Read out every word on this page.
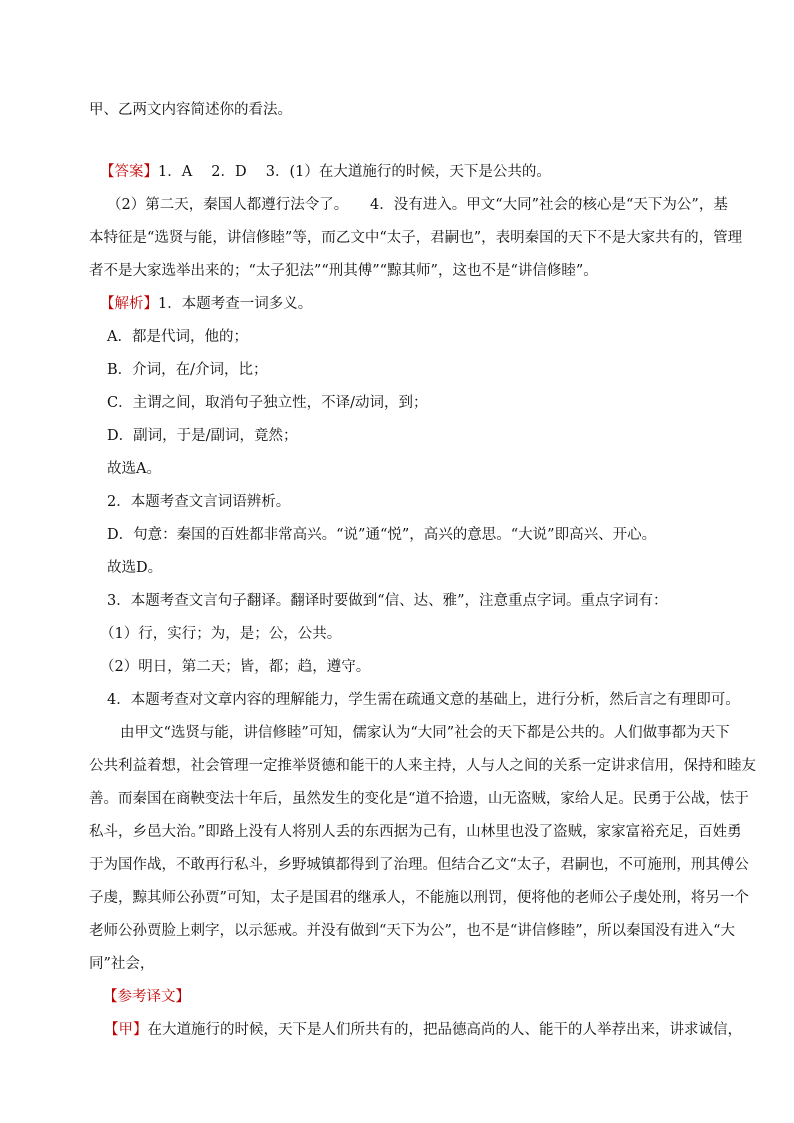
甲、乙两文内容简述你的看法。
【答案】1．A　 2．D　 3．(1）在大道施行的时候，天下是公共的。
（2）第二天，秦国人都遵行法令了。　　4．没有进入。甲文“大同”社会的核心是“天下为公”，基
本特征是“选贤与能，讲信修睦”等，而乙文中“太子，君嗣也”，表明秦国的天下不是大家共有的，管理
者不是大家选举出来的；“太子犯法”“刑其傅”“黥其师”，这也不是“讲信修睦”。
【解析】1．本题考查一词多义。
A．都是代词，他的；
B．介词，在/介词，比；
C．主谓之间，取消句子独立性，不译/动词，到；
D．副词，于是/副词，竟然；
故选A。
2．本题考查文言词语辨析。
D．句意：秦国的百姓都非常高兴。“说”通“悦”，高兴的意思。“大说”即高兴、开心。
故选D。
3．本题考查文言句子翻译。翻译时要做到“信、达、雅”，注意重点字词。重点字词有：
（1）行，实行；为，是；公，公共。
（2）明日，第二天；皆，都；趋，遵守。
4．本题考查对文章内容的理解能力，学生需在疏通文意的基础上，进行分析，然后言之有理即可。
由甲文“选贤与能，讲信修睦”可知，儒家认为“大同”社会的天下都是公共的。人们做事都为天下
公共利益着想，社会管理一定推举贤德和能干的人来主持，人与人之间的关系一定讲求信用，保持和睦友
善。而秦国在商鞅变法十年后，虽然发生的变化是“道不拾遗，山无盗贼，家给人足。民勇于公战，怯于
私斗，乡邑大治。”即路上没有人将别人丢的东西据为己有，山林里也没了盗贼，家家富裕充足，百姓勇
于为国作战，不敢再行私斗，乡野城镇都得到了治理。但结合乙文“太子，君嗣也，不可施刑，刑其傅公
子虔，黥其师公孙贾”可知，太子是国君的继承人，不能施以刑罚，便将他的老师公子虔处刑，将另一个
老师公孙贾脸上刺字，以示惩戒。并没有做到“天下为公”，也不是“讲信修睦”，所以秦国没有进入“大
同”社会，
【参考译文】
【甲】在大道施行的时候，天下是人们所共有的，把品德高尚的人、能干的人举荐出来，讲求诚信，
